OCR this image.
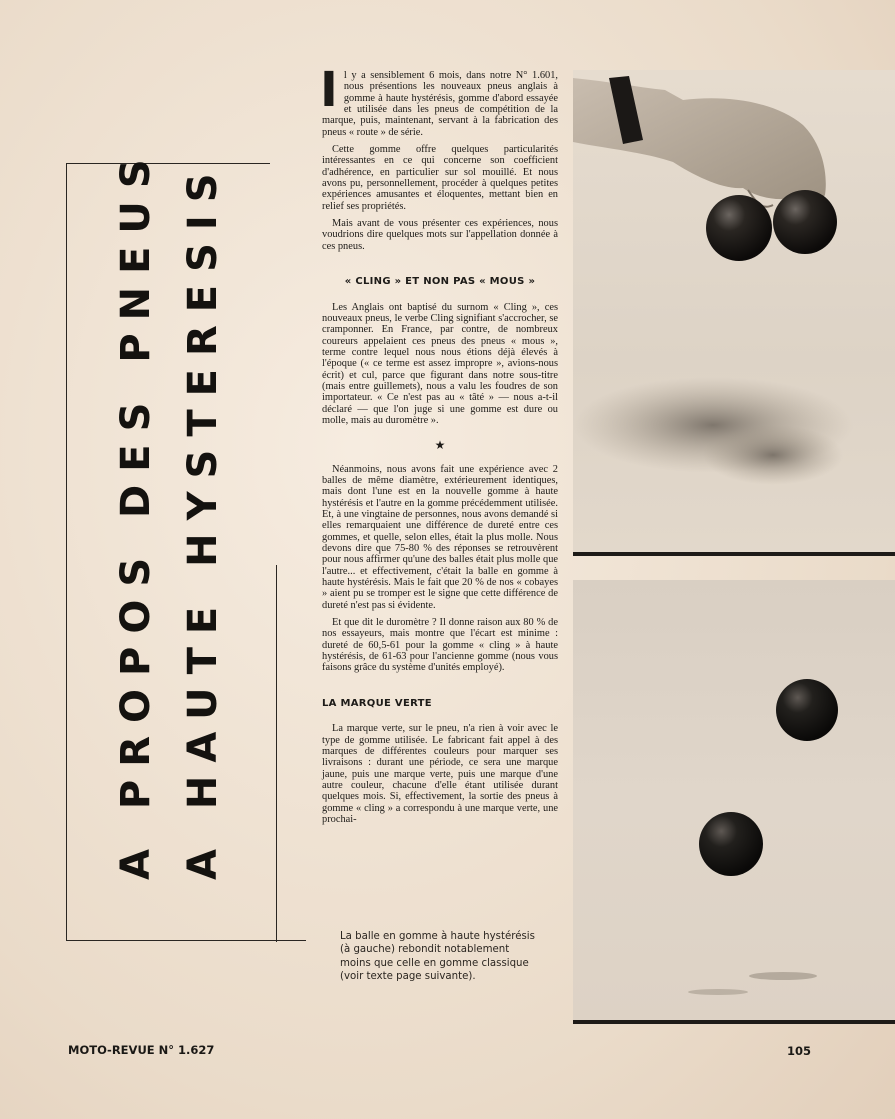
A PROPOS DES PNEUS A HAUTE HYSTERESIS

Il y a sensiblement 6 mois, dans notre N° 1.601, nous présentions les nouveaux pneus anglais à gomme à haute hystérésis, gomme d'abord essayée et utilisée dans les pneus de compétition de la marque, puis, maintenant, servant à la fabrication des pneus « route » de série.

Cette gomme offre quelques particularités intéressantes en ce qui concerne son coefficient d'adhérence, en particulier sur sol mouillé. Et nous avons pu, personnellement, procéder à quelques petites expériences amusantes et éloquentes, mettant bien en relief ses propriétés.

Mais avant de vous présenter ces expériences, nous voudrions dire quelques mots sur l'appellation donnée à ces pneus.

« CLING » ET NON PAS « MOUS »

Les Anglais ont baptisé du surnom « Cling », ces nouveaux pneus, le verbe Cling signifiant s'accrocher, se cramponner. En France, par contre, de nombreux coureurs appelaient ces pneus des pneus « mous », terme contre lequel nous nous étions déjà élevés à l'époque (« ce terme est assez impropre », avions-nous écrit) et cul, parce que figurant dans notre sous-titre (mais entre guillemets), nous a valu les foudres de son importateur. « Ce n'est pas au « tâté » — nous a-t-il déclaré — que l'on juge si une gomme est dure ou molle, mais au duromètre ».

★

Néanmoins, nous avons fait une expérience avec 2 balles de même diamètre, extérieurement identiques, mais dont l'une est en la nouvelle gomme à haute hystérésis et l'autre en la gomme précédemment utilisée. Et, à une vingtaine de personnes, nous avons demandé si elles remarquaient une différence de dureté entre ces gommes, et quelle, selon elles, était la plus molle. Nous devons dire que 75-80 % des réponses se retrouvèrent pour nous affirmer qu'une des balles était plus molle que l'autre... et effectivement, c'était la balle en gomme à haute hystérésis. Mais le fait que 20 % de nos « cobayes » aient pu se tromper est le signe que cette différence de dureté n'est pas si évidente.

Et que dit le duromètre ? Il donne raison aux 80 % de nos essayeurs, mais montre que l'écart est minime : dureté de 60,5-61 pour la gomme « cling » à haute hystérésis, de 61-63 pour l'ancienne gomme (nous vous faisons grâce du système d'unités employé).

LA MARQUE VERTE

La marque verte, sur le pneu, n'a rien à voir avec le type de gomme utilisée. Le fabricant fait appel à des marques de différentes couleurs pour marquer ses livraisons : durant une période, ce sera une marque jaune, puis une marque verte, puis une marque d'une autre couleur, chacune d'elle étant utilisée durant quelques mois. Si, effectivement, la sortie des pneus à gomme « cling » a correspondu à une marque verte, une prochai-

La balle en gomme à haute hystérésis (à gauche) rebondit notablement moins que celle en gomme classique (voir texte page suivante).
MOTO-REVUE N° 1.627	105
